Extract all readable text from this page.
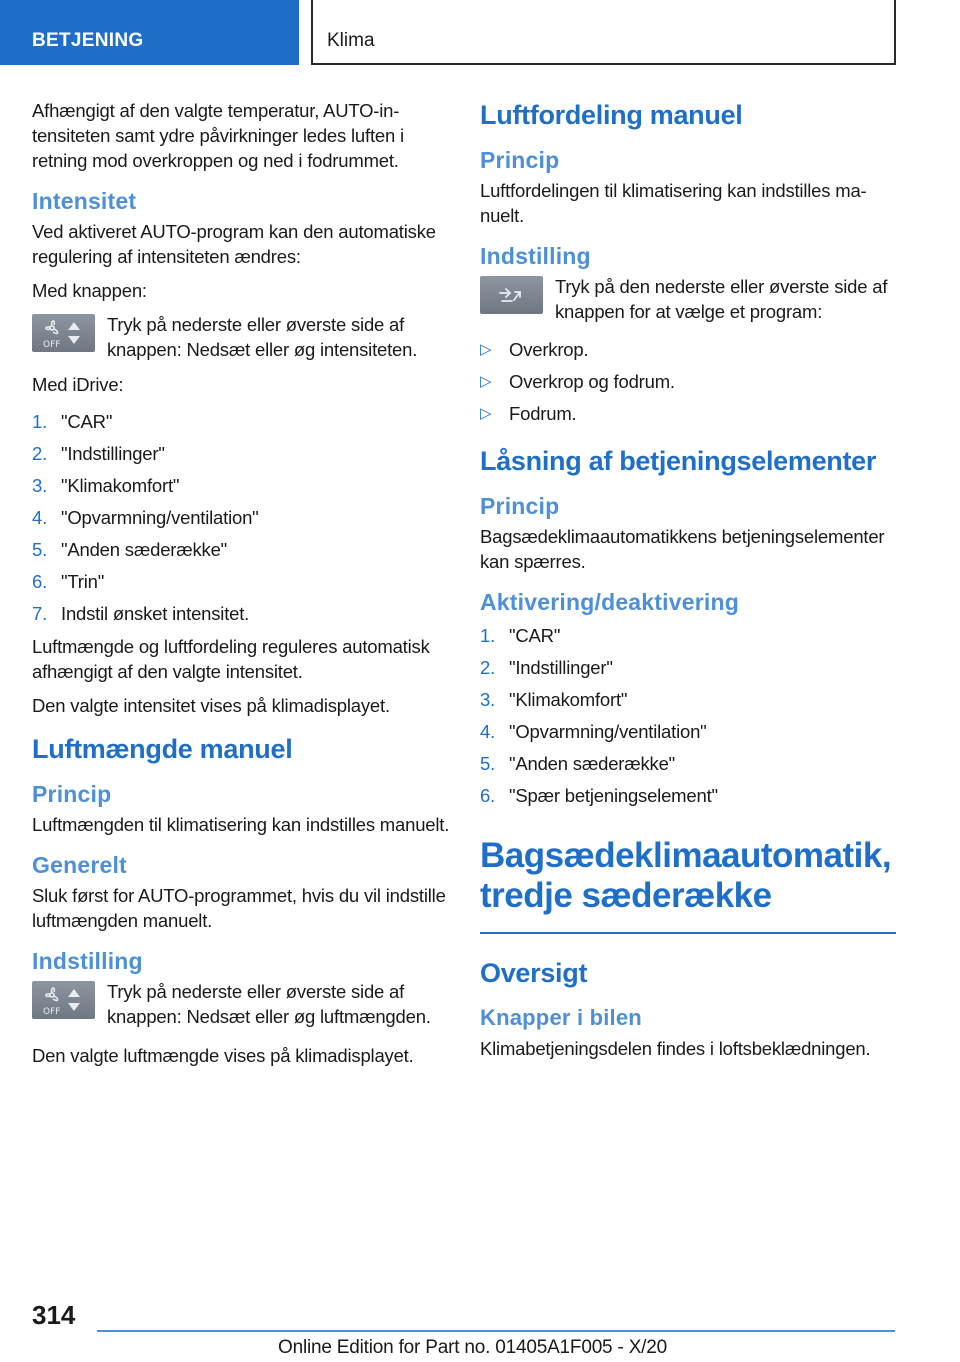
BETJENING	Klima

Afhængigt af den valgte temperatur, AUTO-intensiteten samt ydre påvirkninger ledes luften i retning mod overkroppen og ned i fodrummet.

Intensitet

Ved aktiveret AUTO-program kan den automatiske regulering af intensiteten ændres:

Med knappen:

OFF

Tryk på nederste eller øverste side af knappen: Nedsæt eller øg intensiteten.

Med iDrive:

1. "CAR"
2. "Indstillinger"
3. "Klimakomfort"
4. "Opvarmning/ventilation"
5. "Anden sæderække"
6. "Trin"
7. Indstil ønsket intensitet.

Luftmængde og luftfordeling reguleres automatisk afhængigt af den valgte intensitet.

Den valgte intensitet vises på klimadisplayet.

Luftmængde manuel
Princip

Luftmængden til klimatisering kan indstilles manuelt.

Generelt

Sluk først for AUTO-programmet, hvis du vil indstille luftmængden manuelt.

Indstilling
OFF

Tryk på nederste eller øverste side af knappen: Nedsæt eller øg luftmængden.

Den valgte luftmængde vises på klimadisplayet.

Luftfordeling manuel
Princip

Luftfordelingen til klimatisering kan indstilles manuelt.

Indstilling

Tryk på den nederste eller øverste side af knappen for at vælge et program:

▷ Overkrop.
▷ Overkrop og fodrum.
▷ Fodrum.
Låsning af betjeningselementer
Princip

Bagsædeklimaautomatikkens betjeningselementer kan spærres.

Aktivering/deaktivering
1. "CAR"
2. "Indstillinger"
3. "Klimakomfort"
4. "Opvarmning/ventilation"
5. "Anden sæderække"
6. "Spær betjeningselement"
Bagsædeklimaautomatik,
tredje sæderække
Oversigt
Knapper i bilen

Klimabetjeningsdelen findes i loftsbeklædningen.

314
Online Edition for Part no. 01405A1F005 - X/20
